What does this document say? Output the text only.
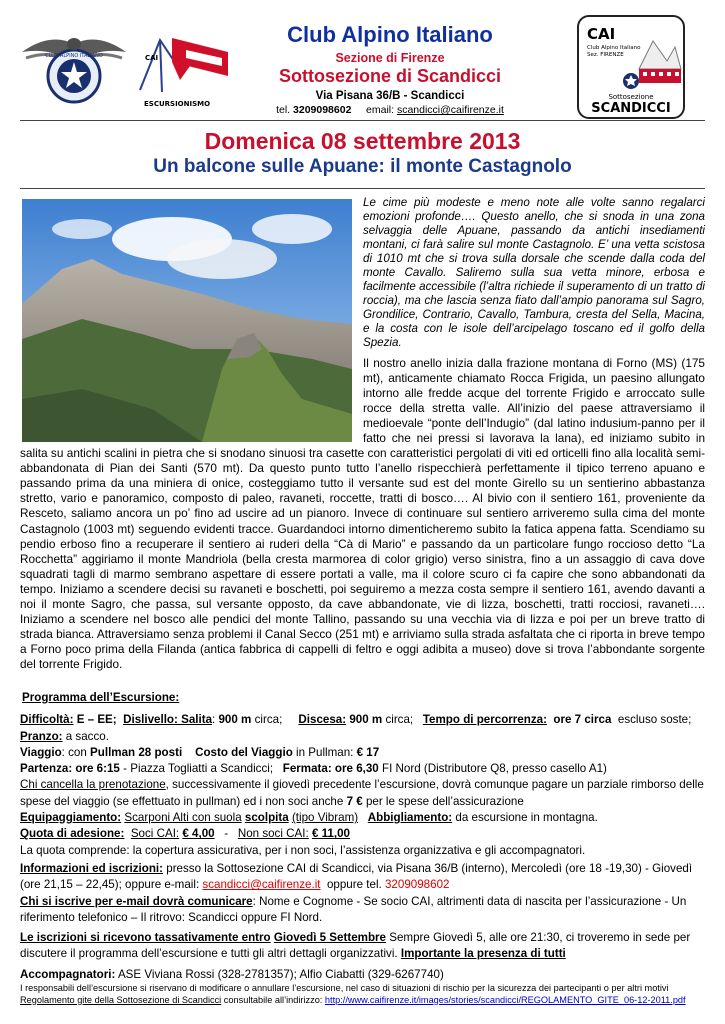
CLUB ALPINO ITALIANO	CAI
ESCURSIONISMO
CAI
Club Alpino Italiano
Sez. FIRENZE
Sottosezione
SCANDICCI
Club Alpino Italiano
Sezione di Firenze
Sottosezione di Scandicci
Via Pisana 36/B - Scandicci
tel. 3209098602 email: scandicci@caifirenze.it
Domenica 08 settembre 2013
Un balcone sulle Apuane: il monte Castagnolo

Le cime più modeste e meno note alle volte sanno regalarci emozioni profonde…. Questo anello, che si snoda in una zona selvaggia delle Apuane, passando da antichi insediamenti montani, ci farà salire sul monte Castagnolo. E’ una vetta scistosa di 1010 mt che si trova sulla dorsale che scende dalla coda del monte Cavallo. Saliremo sulla sua vetta minore, erbosa e facilmente accessibile (l’altra richiede il superamento di un tratto di roccia), ma che lascia senza fiato dall’ampio panorama sul Sagro, Grondilice, Contrario, Cavallo, Tambura, cresta del Sella, Macina, e la costa con le isole dell’arcipelago toscano ed il golfo della Spezia.

Il nostro anello inizia dalla frazione montana di Forno (MS) (175 mt), anticamente chiamato Rocca Frigida, un paesino allungato intorno alle fredde acque del torrente Frigido e arroccato sulle rocce della stretta valle. All’inizio del paese attraversiamo il medioevale “ponte dell’Indugio” (dal latino indusium-panno per il fatto che nei pressi si lavorava la lana), ed iniziamo subito in salita su antichi scalini in pietra che si snodano sinuosi tra casette con caratteristici pergolati di viti ed orticelli fino alla località semi- abbandonata di Pian dei Santi (570 mt). Da questo punto tutto l’anello rispecchierà perfettamente il tipico terreno apuano e passando prima da una miniera di onice, costeggiamo tutto il versante sud est del monte Girello su un sentierino abbastanza stretto, vario e panoramico, composto di paleo, ravaneti, roccette, tratti di bosco…. Al bivio con il sentiero 161, proveniente da Resceto, saliamo ancora un po’ fino ad uscire ad un pianoro. Invece di continuare sul sentiero arriveremo sulla cima del monte Castagnolo (1003 mt) seguendo evidenti tracce. Guardandoci intorno dimenticheremo subito la fatica appena fatta. Scendiamo su pendio erboso fino a recuperare il sentiero ai ruderi della “Cà di Mario” e passando da un particolare fungo roccioso detto “La Rocchetta” aggiriamo il monte Mandriola (bella cresta marmorea di color grigio) verso sinistra, fino a un assaggio di cava dove squadrati tagli di marmo sembrano aspettare di essere portati a valle, ma il colore scuro ci fa capire che sono abbandonati da tempo. Iniziamo a scendere decisi su ravaneti e boschetti, poi seguiremo a mezza costa sempre il sentiero 161, avendo davanti a noi il monte Sagro, che passa, sul versante opposto, da cave abbandonate, vie di lizza, boschetti, tratti rocciosi, ravaneti…. Iniziamo a scendere nel bosco alle pendici del monte Tallino, passando su una vecchia via di lizza e poi per un breve tratto di strada bianca. Attraversiamo senza problemi il Canal Secco (251 mt) e arriviamo sulla strada asfaltata che ci riporta in breve tempo a Forno poco prima della Filanda (antica fabbrica di cappelli di feltro e oggi adibita a museo) dove si trova l’abbondante sorgente del torrente Frigido.

Programma dell’Escursione:

Difficoltà: E – EE; Dislivello: Salita: 900 m circa; Discesa: 900 m circa; Tempo di percorrenza: ore 7 circa escluso soste;

Pranzo: a sacco.

Viaggio: con Pullman 28 posti Costo del Viaggio in Pullman: € 17

Partenza: ore 6:15 - Piazza Togliatti a Scandicci; Fermata: ore 6,30 FI Nord (Distributore Q8, presso casello A1)

Chi cancella la prenotazione, successivamente il giovedì precedente l’escursione, dovrà comunque pagare un parziale rimborso delle spese del viaggio (se effettuato in pullman) ed i non soci anche 7 € per le spese dell’assicurazione

Equipaggiamento: Scarponi Alti con suola scolpita (tipo Vibram) Abbigliamento: da escursione in montagna.

Quota di adesione: Soci CAI: € 4,00 - Non soci CAI: € 11,00

La quota comprende: la copertura assicurativa, per i non soci, l’assistenza organizzativa e gli accompagnatori.

Informazioni ed iscrizioni: presso la Sottosezione CAI di Scandicci, via Pisana 36/B (interno), Mercoledì (ore 18 -19,30) - Giovedì (ore 21,15 – 22,45); oppure e-mail: scandicci@caifirenze.it oppure tel. 3209098602

Chi si iscrive per e-mail dovrà comunicare: Nome e Cognome - Se socio CAI, altrimenti data di nascita per l’assicurazione - Un riferimento telefonico – Il ritrovo: Scandicci oppure FI Nord.

Le iscrizioni si ricevono tassativamente entro Giovedì 5 Settembre Sempre Giovedì 5, alle ore 21:30, ci troveremo in sede per discutere il programma dell’escursione e tutti gli altri dettagli organizzativi. Importante la presenza di tutti

Accompagnatori: ASE Viviana Rossi (328-2781357); Alfio Ciabatti (329-6267740)

I responsabili dell’escursione si riservano di modificare o annullare l’escursione, nel caso di situazioni di rischio per la sicurezza dei partecipanti o per altri motivi

Regolamento gite della Sottosezione di Scandicci consultabile all’indirizzo: http://www.caifirenze.it/images/stories/scandicci/REGOLAMENTO_GITE_06-12-2011.pdf
